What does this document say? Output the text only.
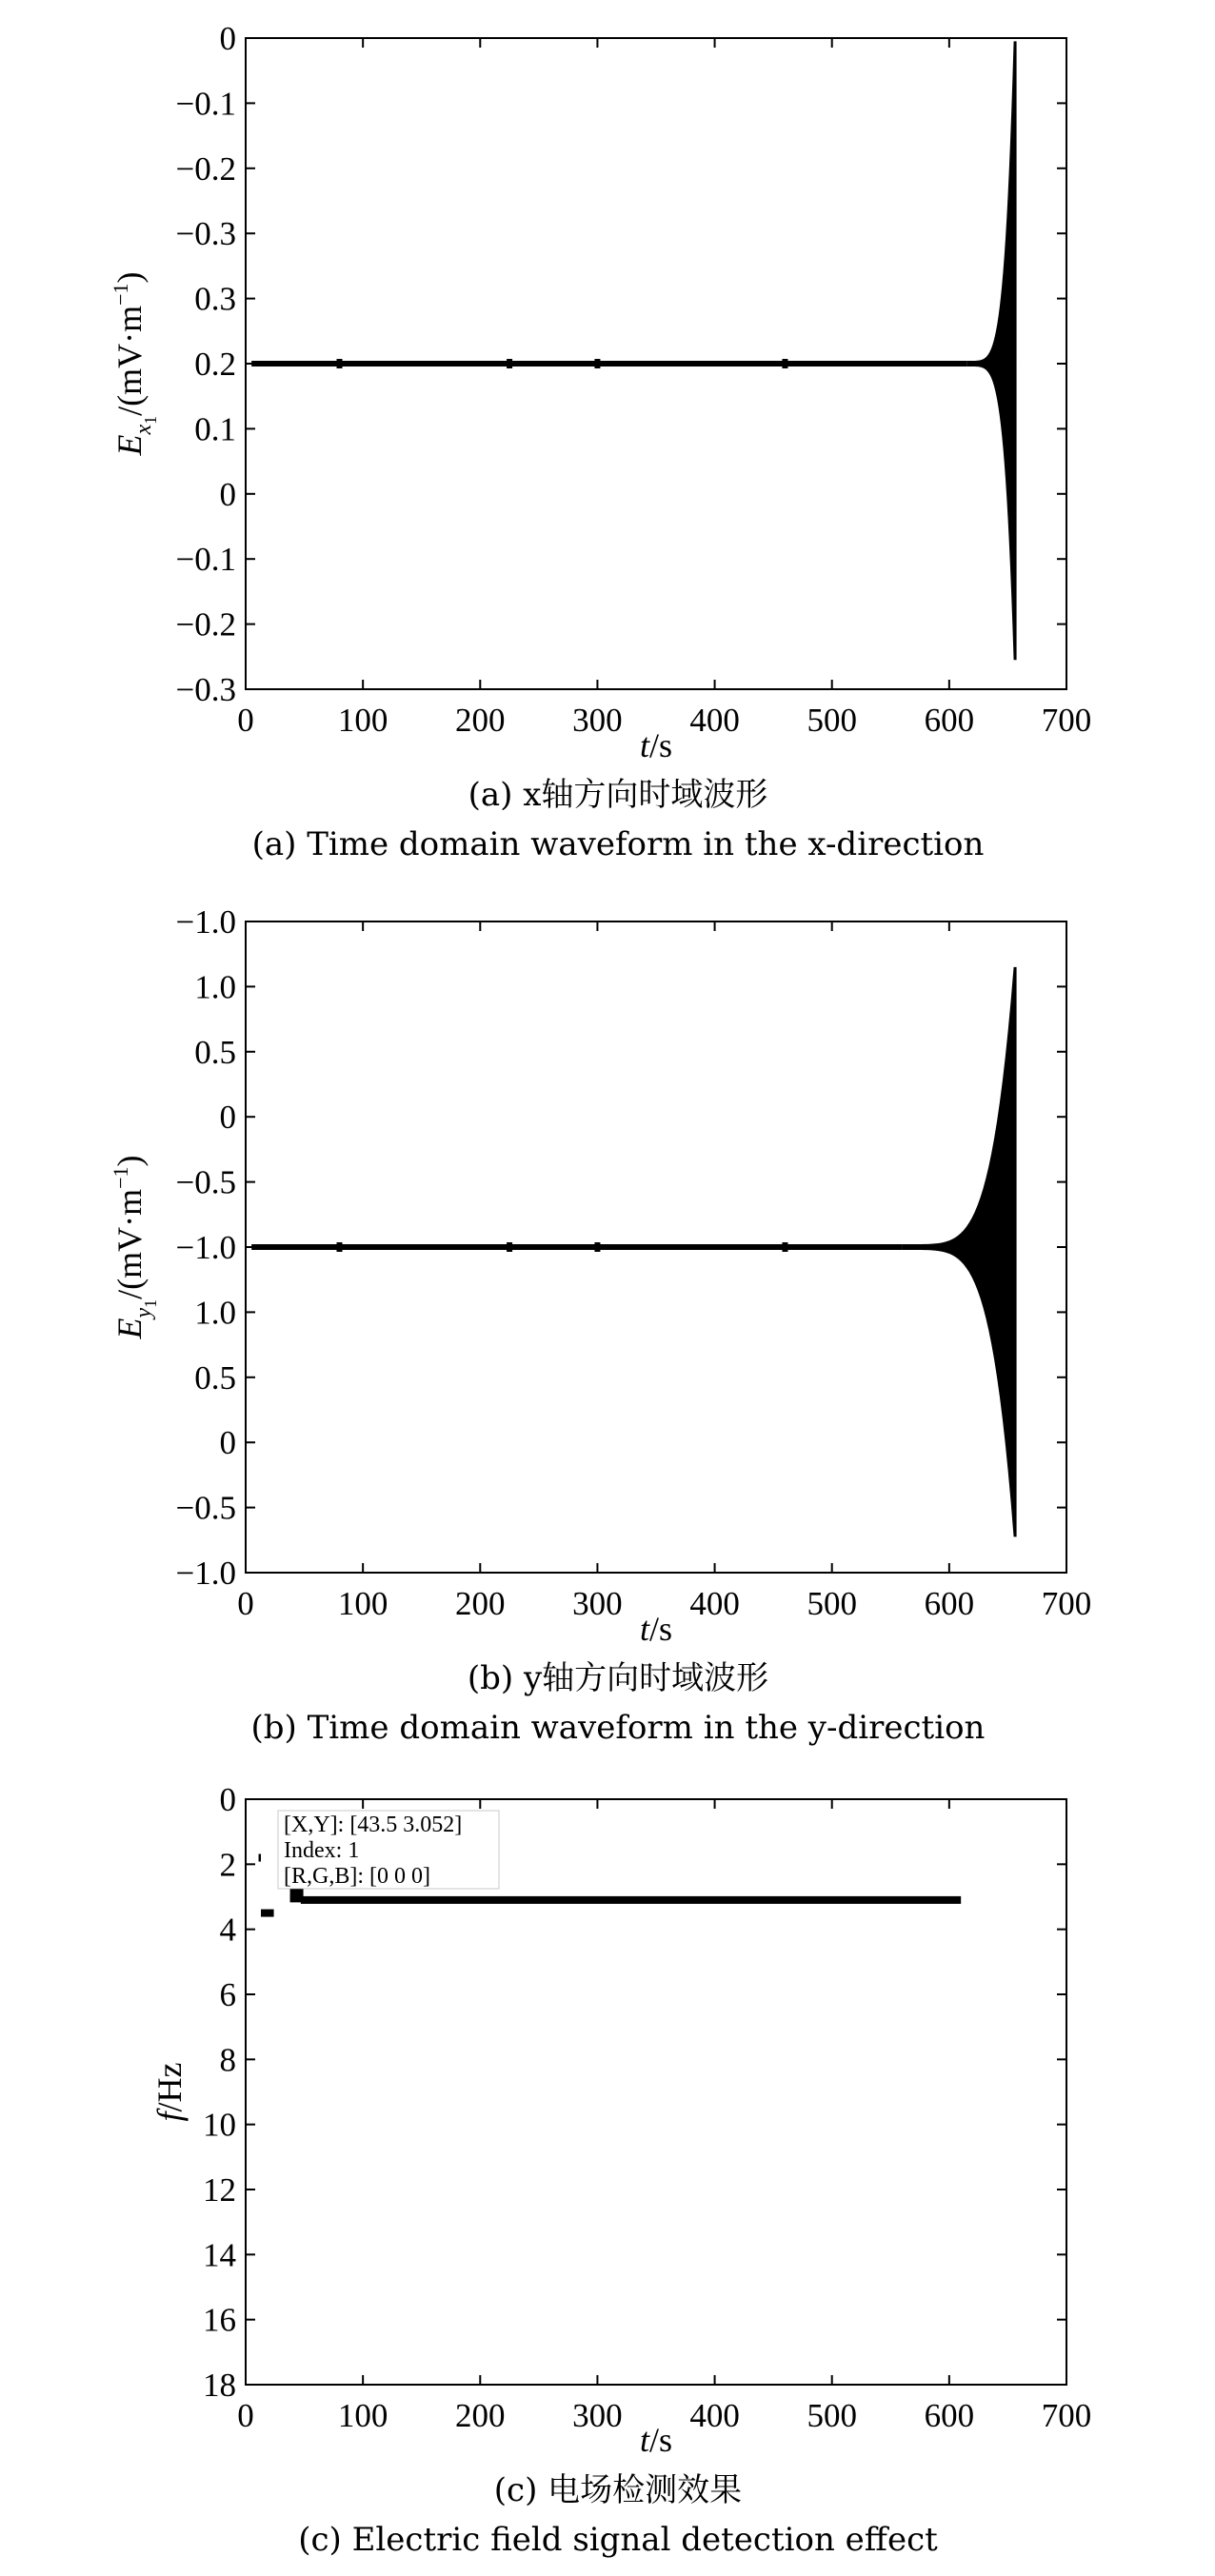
0	100 200 300 400 500 600 700
0
−0.1
−0.2
−0.3
0.3
0.2
0.1
0
−0.1
−0.2
−0.3
t/s
$E_x1/(mV\cdot m^{-1})$
(a) x轴方向时域波形
(a) Time domain waveform in the x-direction
0	100 200 300 400 500 600 700
−1.0
1.0
0.5
0
−0.5
−1.0
1.0
0.5
0
−0.5
−1.0
t/s
$E_y1/(mV\cdot m^{-1})$
(b) y轴方向时域波形
(b) Time domain waveform in the y-direction
0	100 200 300 400 500 600 700
0
2
4
6
8
10
12
14
16
18
t/s
f/Hz
(c) 电场检测效果
(c) Electric field signal detection effect
[X,Y]: [43.5 3.052]
Index: 1
[R,G,B]: [0 0 0]
